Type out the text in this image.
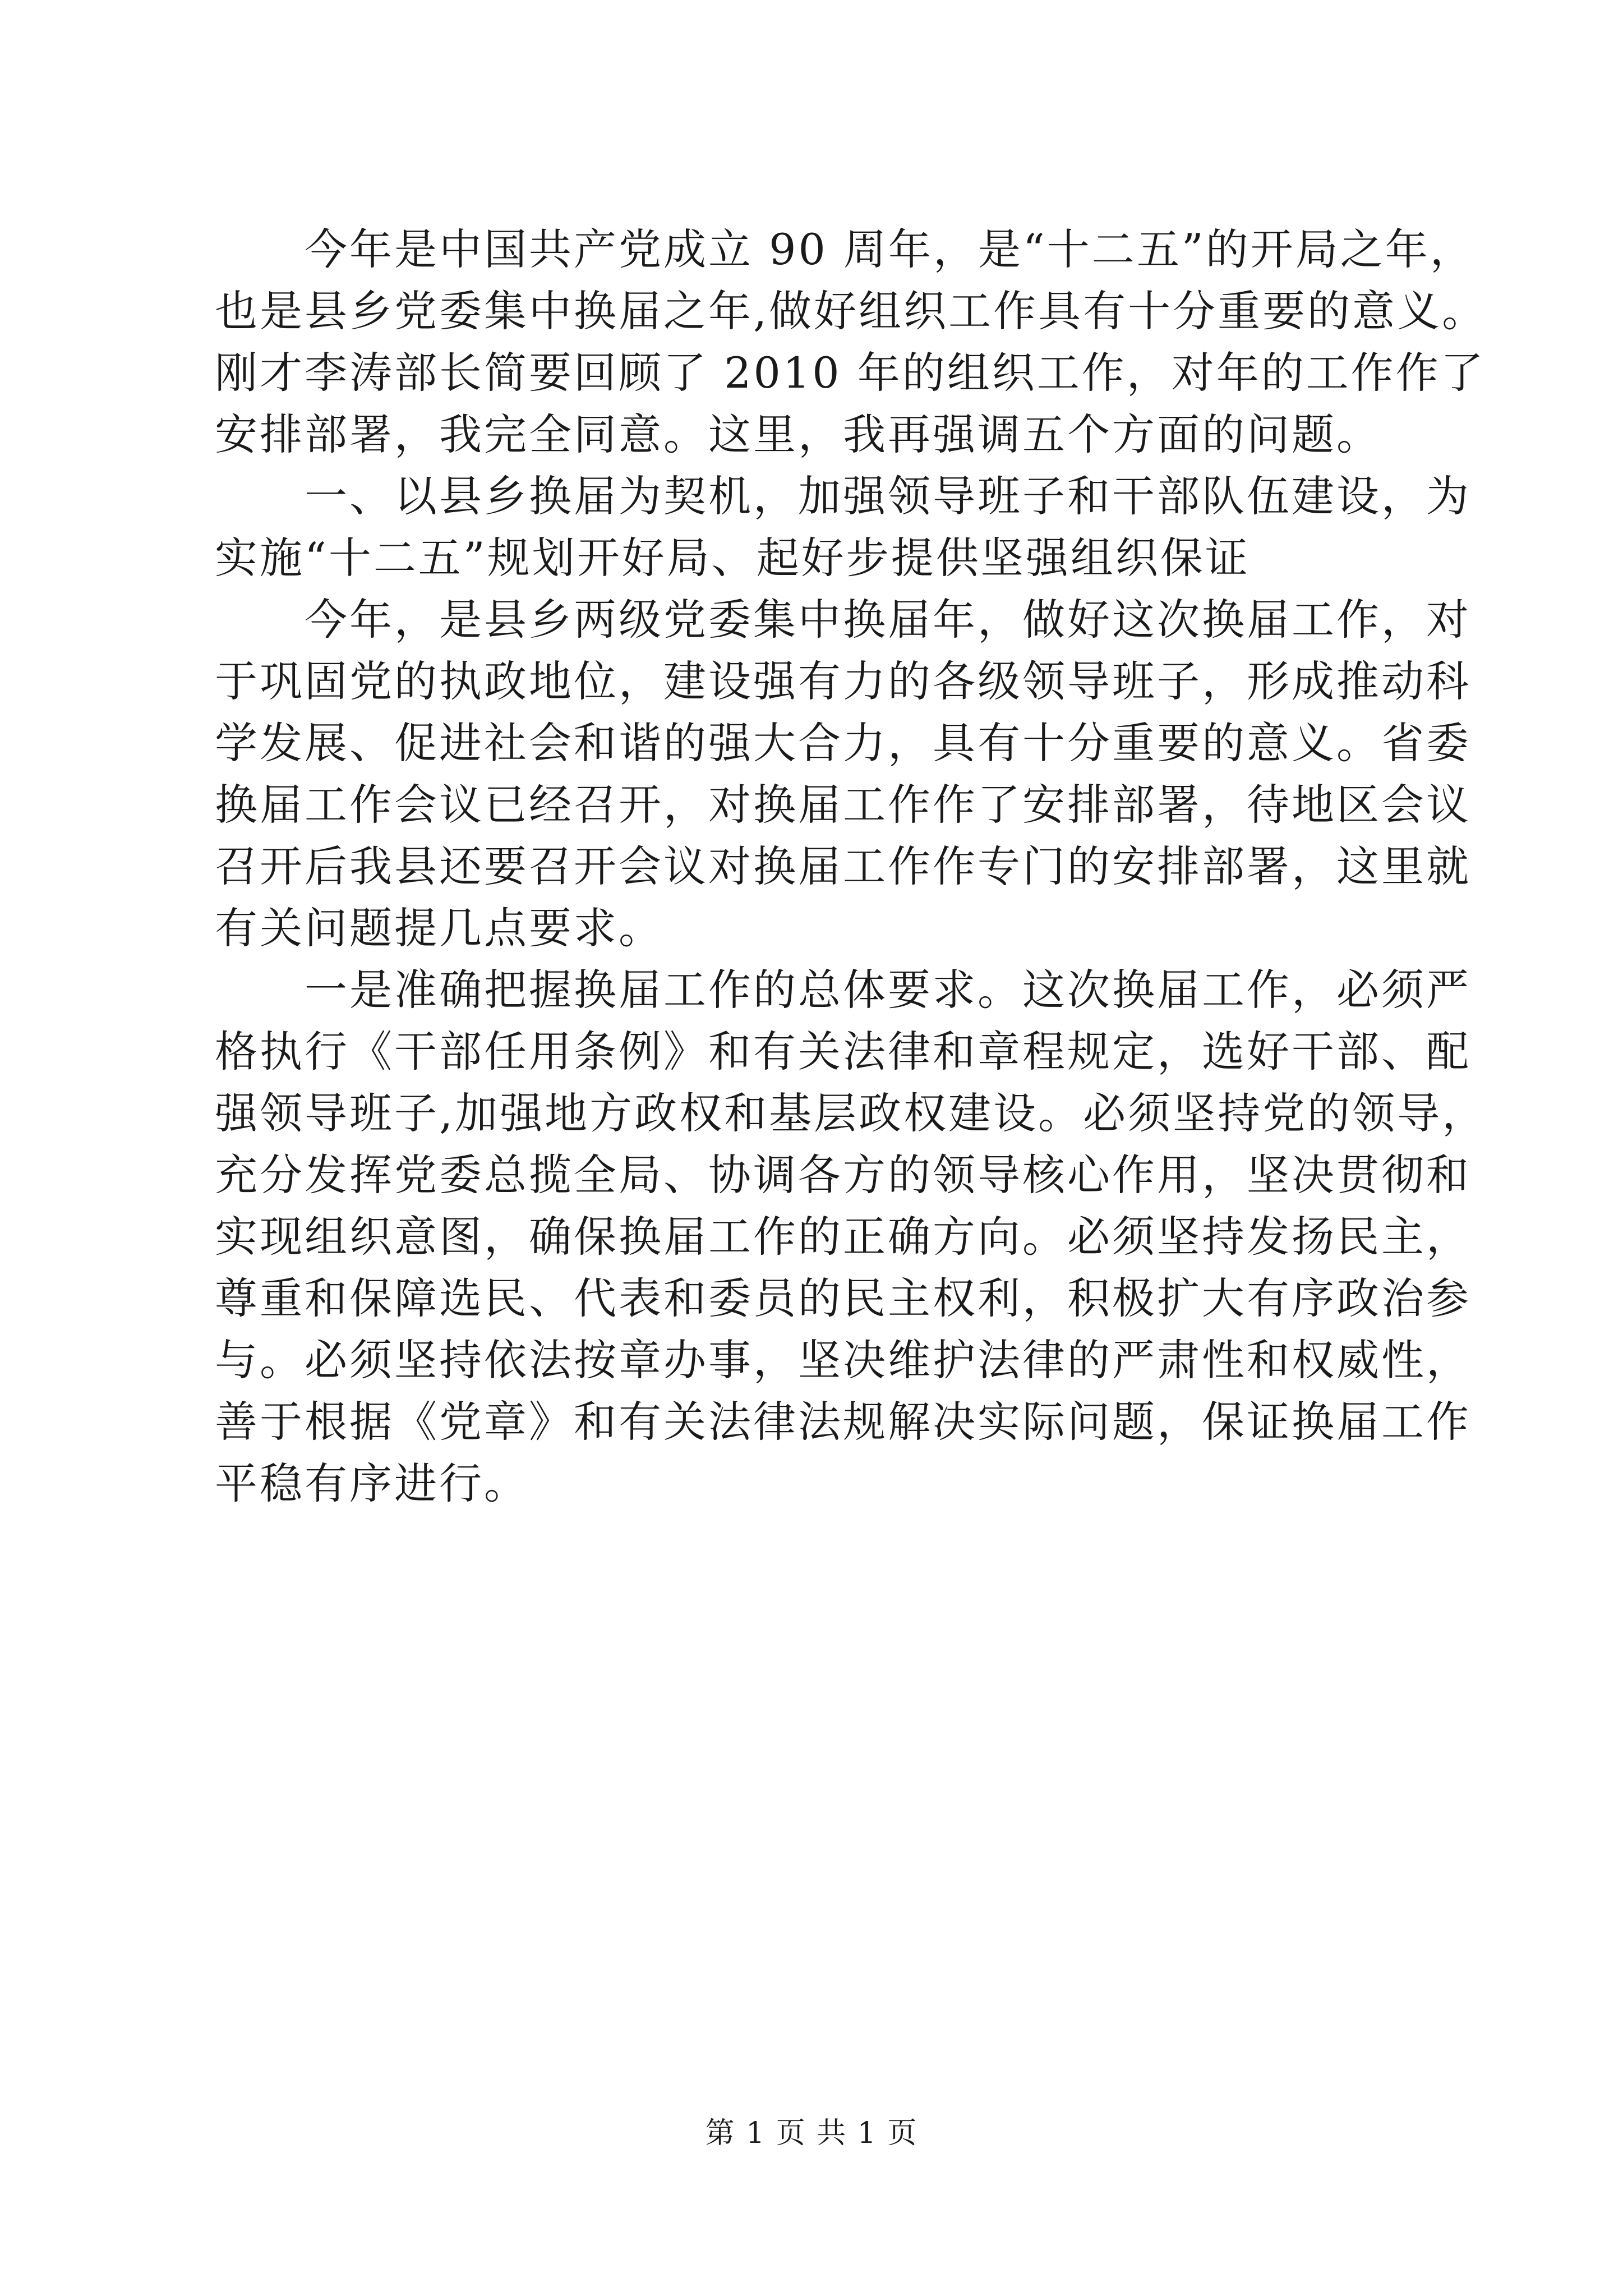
今年是中国共产党成立 90 周年，是“十二五”的开局之年，
也是县乡党委集中换届之年,做好组织工作具有十分重要的意义。
刚才李涛部长简要回顾了 2010 年的组织工作，对年的工作作了
安排部署，我完全同意。这里，我再强调五个方面的问题。
一、以县乡换届为契机，加强领导班子和干部队伍建设，为
实施“十二五”规划开好局、起好步提供坚强组织保证
今年，是县乡两级党委集中换届年，做好这次换届工作，对
于巩固党的执政地位，建设强有力的各级领导班子，形成推动科
学发展、促进社会和谐的强大合力，具有十分重要的意义。省委
换届工作会议已经召开，对换届工作作了安排部署，待地区会议
召开后我县还要召开会议对换届工作作专门的安排部署，这里就
有关问题提几点要求。
一是准确把握换届工作的总体要求。这次换届工作，必须严
格执行《干部任用条例》和有关法律和章程规定，选好干部、配
强领导班子,加强地方政权和基层政权建设。必须坚持党的领导，
充分发挥党委总揽全局、协调各方的领导核心作用，坚决贯彻和
实现组织意图，确保换届工作的正确方向。必须坚持发扬民主，
尊重和保障选民、代表和委员的民主权利，积极扩大有序政治参
与。必须坚持依法按章办事，坚决维护法律的严肃性和权威性，
善于根据《党章》和有关法律法规解决实际问题，保证换届工作
平稳有序进行。
第 1 页 共 1 页
